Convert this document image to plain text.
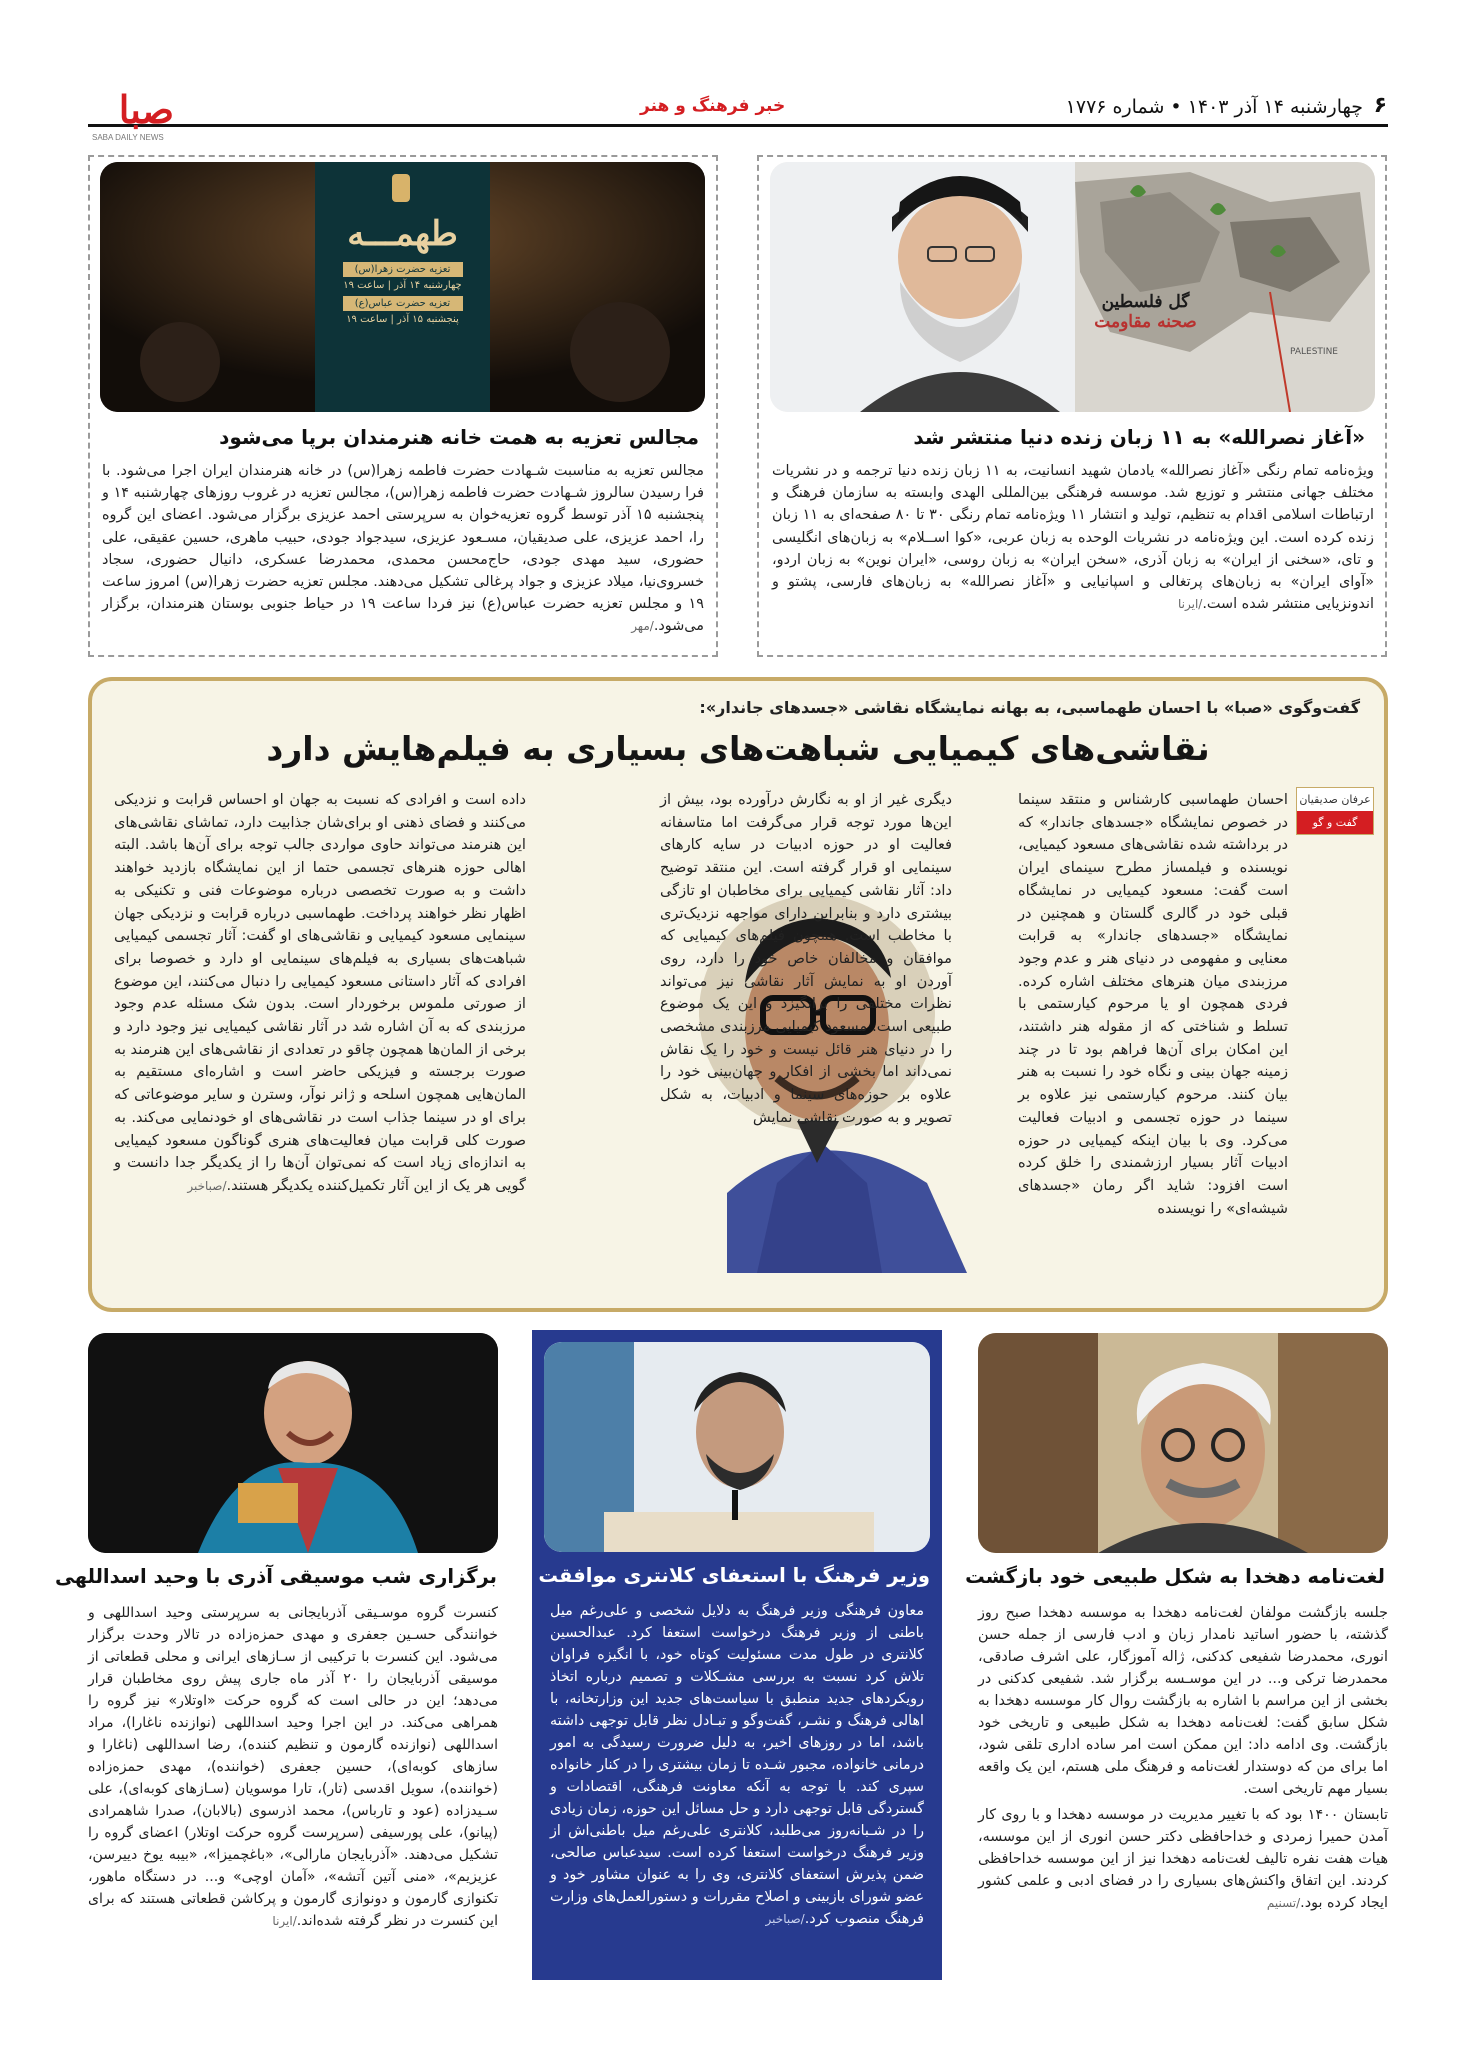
۶
چهارشنبه ۱۴ آذر ۱۴۰۳ • شماره ۱۷۷۶
خبر فرهنگ و هنر
صبا
SABA DAILY NEWS
PALESTINE
گل فلسطین
صحنه مقاومت
«آغاز نصرالله» به ۱۱ زبان زنده دنیا منتشر شد
ویژه‌نامه تمام رنگی «آغاز نصرالله» یادمان شهید انسانیت، به ۱۱ زبان زنده دنیا ترجمه و در نشریات مختلف جهانی منتشر و توزیع شد. موسسه فرهنگی بین‌المللی الهدی وابسته به سازمان فرهنگ و ارتباطات اسلامی اقدام به تنظیم، تولید و انتشار ۱۱ ویژه‌نامه تمام رنگی ۳۰ تا ۸۰ صفحه‌ای به ۱۱ زبان زنده کرده است. این ویژه‌نامه در نشریات الوحده به زبان عربی، «کوا اســلام» به زبان‌های انگلیسی و تای، «سخنی از ایران» به زبان آذری، «سخن ایران» به زبان روسی، «ایران نوین» به زبان اردو، «آوای ایران» به زبان‌های پرتغالی و اسپانیایی و «آغاز نصرالله» به زبان‌های فارسی، پشتو و اندونزیایی منتشر شده است./ایرنا
طهمـــه
تعزیه حضرت زهرا(س)
چهارشنبه ۱۴ آذر | ساعت ۱۹
تعزیه حضرت عباس(ع)
پنجشنبه ۱۵ آذر | ساعت ۱۹
مجالس تعزیه به همت خانه هنرمندان برپا می‌شود
مجالس تعزیه به مناسبت شـهادت حضرت فاطمه زهرا(س) در خانه هنرمندان ایران اجرا می‌شود. با فرا رسیدن سالروز شـهادت حضرت فاطمه زهرا(س)، مجالس تعزیه در غروب روزهای چهارشنبه ۱۴ و پنجشنبه ۱۵ آذر توسط گروه تعزیه‌خوان به سرپرستی احمد عزیزی برگزار می‌شود. اعضای این گروه را، احمد عزیزی، علی صدیقیان، مسـعود عزیزی، سیدجواد جودی، حبیب ماهری، حسین عقیقی، علی حضوری، سید مهدی جودی، حاج‌محسن محمدی، محمدرضا عسکری، دانیال حضوری، سجاد خسروی‌نیا، میلاد عزیزی و جواد پرغالی تشکیل می‌دهند. مجلس تعزیه حضرت زهرا(س) امروز ساعت ۱۹ و مجلس تعزیه حضرت عباس(ع) نیز فردا ساعت ۱۹ در حیاط جنوبی بوستان هنرمندان، برگزار می‌شود./مهر
گفت‌وگوی «صبا» با احسان طهماسبی، به بهانه نمایشگاه نقاشی «جسدهای جاندار»:
نقاشی‌های کیمیایی شباهت‌های بسیاری به فیلم‌هایش دارد
عرفان صدیقیان
گفت و گو
احسان طهماسبی کارشناس و منتقد سینما در خصوص نمایشگاه «جسدهای جاندار» که در برداشته شده نقاشی‌های مسعود کیمیایی، نویسنده و فیلمساز مطرح سینمای ایران است گفت: مسعود کیمیایی در نمایشگاه قبلی خود در گالری گلستان و همچنین در نمایشگاه «جسدهای جاندار» به قرابت معنایی و مفهومی در دنیای هنر و عدم وجود مرزبندی میان هنرهای مختلف اشاره کرده. فردی همچون او یا مرحوم کیارستمی با تسلط و شناختی که از مقوله هنر داشتند، این امکان برای آن‌ها فراهم بود تا در چند زمینه جهان بینی و نگاه خود را نسبت به هنر بیان کنند. مرحوم کیارستمی نیز علاوه بر سینما در حوزه تجسمی و ادبیات فعالیت می‌کرد. وی با بیان اینکه کیمیایی در حوزه ادبیات آثار بسیار ارزشمندی را خلق کرده است افزود: شاید اگر رمان «جسدهای شیشه‌ای» را نویسنده
دیگری غیر از او به نگارش درآورده بود، بیش از این‌ها مورد توجه قرار می‌گرفت اما متاسفانه فعالیت او در حوزه ادبیات در سایه کارهای سینمایی او قرار گرفته است. این منتقد توضیح داد: آثار نقاشی کیمیایی برای مخاطبان او تازگی بیشتری دارد و بنابراین دارای مواجهه نزدیک‌تری با مخاطب است. همچون فیلم‌های کیمیایی که موافقان و مخالفان خاص خود را دارد، روی آوردن او به نمایش آثار نقاشی نیز می‌تواند نظرات مختلفی را برانگیزد و این یک موضوع طبیعی است. مسعود کیمیایی مرزبندی مشخصی را در دنیای هنر قائل نیست و خود را یک نقاش نمی‌داند اما بخشی از افکار و جهان‌بینی خود را علاوه بر حوزه‌های سینما و ادبیات، به شکل تصویر و به صورت نقاشی نمایش
داده است و افرادی که نسبت به جهان او احساس قرابت و نزدیکی می‌کنند و فضای ذهنی او برای‌شان جذابیت دارد، تماشای نقاشی‌های این هنرمند می‌تواند حاوی مواردی جالب توجه برای آن‌ها باشد. البته اهالی حوزه هنرهای تجسمی حتما از این نمایشگاه بازدید خواهند داشت و به صورت تخصصی درباره موضوعات فنی و تکنیکی به اظهار نظر خواهند پرداخت. طهماسبی درباره قرابت و نزدیکی جهان سینمایی مسعود کیمیایی و نقاشی‌های او گفت: آثار تجسمی کیمیایی شباهت‌های بسیاری به فیلم‌های سینمایی او دارد و خصوصا برای افرادی که آثار داستانی مسعود کیمیایی را دنبال می‌کنند، این موضوع از صورتی ملموس برخوردار است. بدون شک مسئله عدم وجود مرزبندی که به آن اشاره شد در آثار نقاشی کیمیایی نیز وجود دارد و برخی از المان‌ها همچون چاقو در تعدادی از نقاشی‌های این هنرمند به صورت برجسته و فیزیکی حاضر است و اشاره‌ای مستقیم به المان‌هایی همچون اسلحه و ژانر نوآر، وسترن و سایر موضوعاتی که برای او در سینما جذاب است در نقاشی‌های او خودنمایی می‌کند. به صورت کلی قرابت میان فعالیت‌های هنری گوناگون مسعود کیمیایی به اندازه‌ای زیاد است که نمی‌توان آن‌ها را از یکدیگر جدا دانست و گویی هر یک از این آثار تکمیل‌کننده یکدیگر هستند./صباخبر
لغت‌نامه دهخدا به شکل طبیعی خود بازگشت
جلسه بازگشت مولفان لغت‌نامه دهخدا به موسسه دهخدا صبح روز گذشته، با حضور اساتید نامدار زبان و ادب فارسی از جمله حسن انوری، محمدرضا شفیعی کدکنی، ژاله آموزگار، علی اشرف صادقی، محمدرضا ترکی و... در این موسـسه برگزار شد. شفیعی کدکنی در بخشی از این مراسم با اشاره به بازگشت روال کار موسسه دهخدا به شکل سابق گفت: لغت‌نامه دهخدا به شکل طبیعی و تاریخی خود بازگشت. وی ادامه داد: این ممکن است امر ساده اداری تلقی شود، اما برای من که دوستدار لغت‌نامه و فرهنگ ملی هستم، این یک واقعه بسیار مهم تاریخی است.
تابستان ۱۴۰۰ بود که با تغییر مدیریت در موسسه دهخدا و با روی کار آمدن حمیرا زمردی و خداحافظی دکتر حسن انوری از این موسسه، هیات هفت نفره تالیف لغت‌نامه دهخدا نیز از این موسسه خداحافظی کردند. این اتفاق واکنش‌های بسیاری را در فضای ادبی و علمی کشور ایجاد کرده بود./تسنیم
وزیر فرهنگ با استعفای کلانتری موافقت کرد
معاون فرهنگی وزیر فرهنگ به دلایل شخصی و علی‌رغم میل باطنی از وزیر فرهنگ درخواست استعفا کرد. عبدالحسین کلانتری در طول مدت مسئولیت کوتاه خود، با انگیزه فراوان تلاش کرد نسبت به بررسی مشـکلات و تصمیم درباره اتخاذ رویکردهای جدید منطبق با سیاست‌های جدید این وزارتخانه، با اهالی فرهنگ و نشـر، گفت‌وگو و تبـادل نظر قابل توجهی داشته باشد، اما در روزهای اخیر، به دلیل ضرورت رسیدگی به امور درمانی خانواده، مجبور شـده تا زمان بیشتری را در کنار خانواده سپری کند. با توجه به آنکه معاونت فرهنگی، اقتصادات و گستردگی قابل توجهی دارد و حل مسائل این حوزه، زمان زیادی را در شـبانه‌روز می‌طلبد، کلانتری علی‌رغم میل باطنی‌اش از وزیر فرهنگ درخواست استعفا کرده است. سیدعباس صالحی، ضمن پذیرش استعفای کلانتری، وی را به عنوان مشاور خود و عضو شورای بازبینی و اصلاح مقررات و دستورالعمل‌های وزارت فرهنگ منصوب کرد./صباخبر
برگزاری شب موسیقی آذری با وحید اسداللهی
کنسرت گروه موسـیقی آذربایجانی به سرپرستی وحید اسداللهی و خوانندگی حسـین جعفری و مهدی حمزه‌زاده در تالار وحدت برگزار می‌شود. این کنسرت با ترکیبی از سـازهای ایرانی و محلی قطعاتی از موسیقی آذربایجان را ۲۰ آذر ماه جاری پیش روی مخاطبان قرار می‌دهد؛ این در حالی است که گروه حرکت «اوتلار» نیز گروه را همراهی می‌کند. در این اجرا وحید اسداللهی (نوازنده ناغارا)، مراد اسداللهی (نوازنده گارمون و تنظیم کننده)، رضا اسداللهی (ناغارا و سازهای کوبه‌ای)، حسین جعفری (خواننده)، مهدی حمزه‌زاده (خواننده)، سویل اقدسی (تار)، تارا موسویان (سـازهای کوبه‌ای)، علی سـیدزاده (عود و تارباس)، محمد اذرسوی (بالابان)، صدرا شاهمرادی (پیانو)، علی پورسیفی (سرپرست گروه حرکت اوتلار) اعضای گروه را تشکیل می‌دهند. «آذربایجان مارالی»، «باغچمیزا»، «بیبه یوخ دییرسن، عزیزیم»، «منی آتین آتشه»، «آمان اوچی» و... در دستگاه ماهور، تکنوازی گارمون و دونوازی گارمون و پرکاشن قطعاتی هستند که برای این کنسرت در نظر گرفته شده‌اند./ایرنا
